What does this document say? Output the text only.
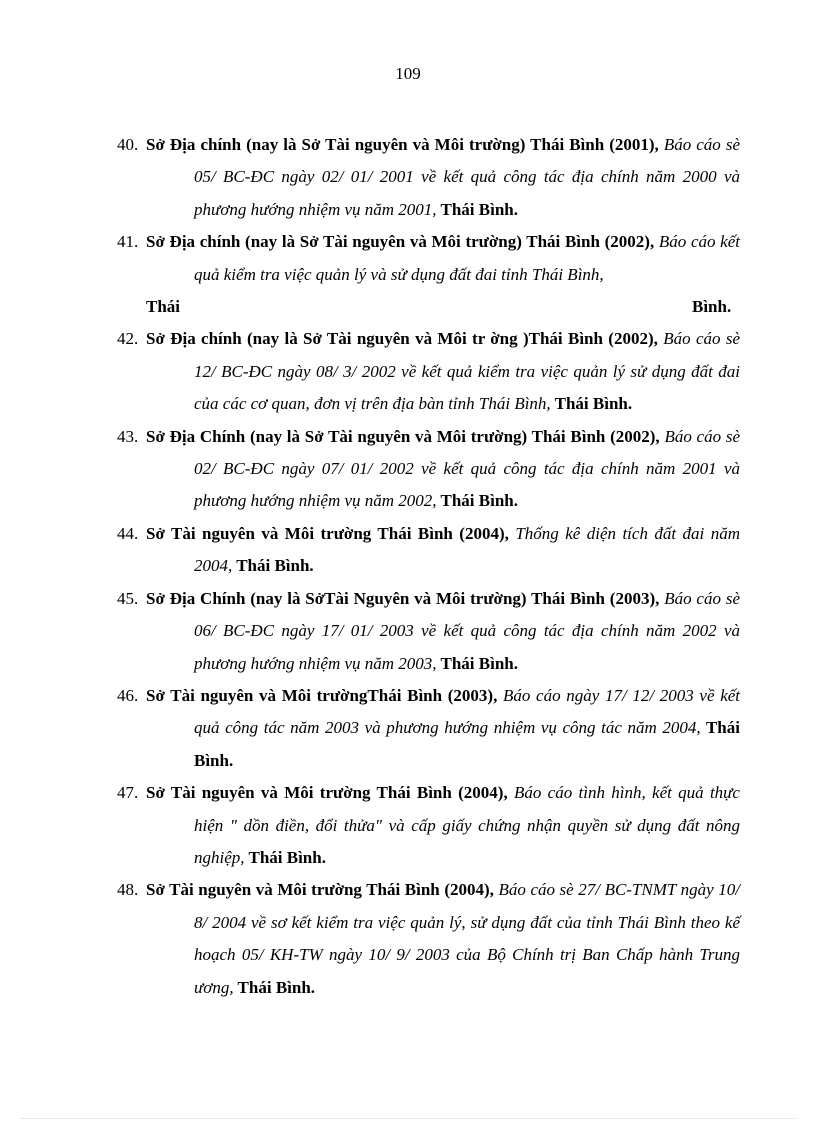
109
40. Sở Địa chính (nay là Sở Tài nguyên và Môi trường) Thái Bình (2001), Báo cáo sè 05/ BC-ĐC ngày 02/ 01/ 2001 về kết quả công tác địa chính năm 2000 và phương hướng nhiệm vụ năm 2001, Thái Bình.
41. Sở Địa chính (nay là Sở Tài nguyên và Môi trường) Thái Bình (2002), Báo cáo kết quả kiểm tra việc quản lý và sử dụng đất đai tỉnh Thái Bình,
Thái	Bình.
42. Sở Địa chính (nay là Sở Tài nguyên và Môi tr ờng )Thái Bình (2002), Báo cáo sè 12/ BC-ĐC ngày 08/ 3/ 2002 về kết quả kiểm tra việc quản lý sử dụng đất đai của các cơ quan, đơn vị trên địa bàn tỉnh Thái Bình, Thái Bình.
43. Sở Địa Chính (nay là Sở Tài nguyên và Môi trường) Thái Bình (2002), Báo cáo sè 02/ BC-ĐC ngày 07/ 01/ 2002 về kết quả công tác địa chính năm 2001 và phương hướng nhiệm vụ năm 2002, Thái Bình.
44. Sở Tài nguyên và Môi trường Thái Bình (2004), Thống kê diện tích đất đai năm 2004, Thái Bình.
45. Sở Địa Chính (nay là SởTài Nguyên và Môi trường) Thái Bình (2003), Báo cáo sè 06/ BC-ĐC ngày 17/ 01/ 2003 về kết quả công tác địa chính năm 2002 và phương hướng nhiệm vụ năm 2003, Thái Bình.
46. Sở Tài nguyên và Môi trườngThái Bình (2003), Báo cáo ngày 17/ 12/ 2003 về kết quả công tác năm 2003 và phương hướng nhiệm vụ công tác năm 2004, Thái Bình.
47. Sở Tài nguyên và Môi trường Thái Bình (2004), Báo cáo tình hình, kết quả thực hiện " dồn điền, đổi thửa" và cấp giấy chứng nhận quyền sử dụng đất nông nghiệp, Thái Bình.
48. Sở Tài nguyên và Môi trường Thái Bình (2004), Báo cáo sè 27/ BC-TNMT ngày 10/ 8/ 2004 về sơ kết kiểm tra việc quản lý, sử dụng đất của tỉnh Thái Bình theo kế hoạch 05/ KH-TW ngày 10/ 9/ 2003 của Bộ Chính trị Ban Chấp hành Trung ương, Thái Bình.
